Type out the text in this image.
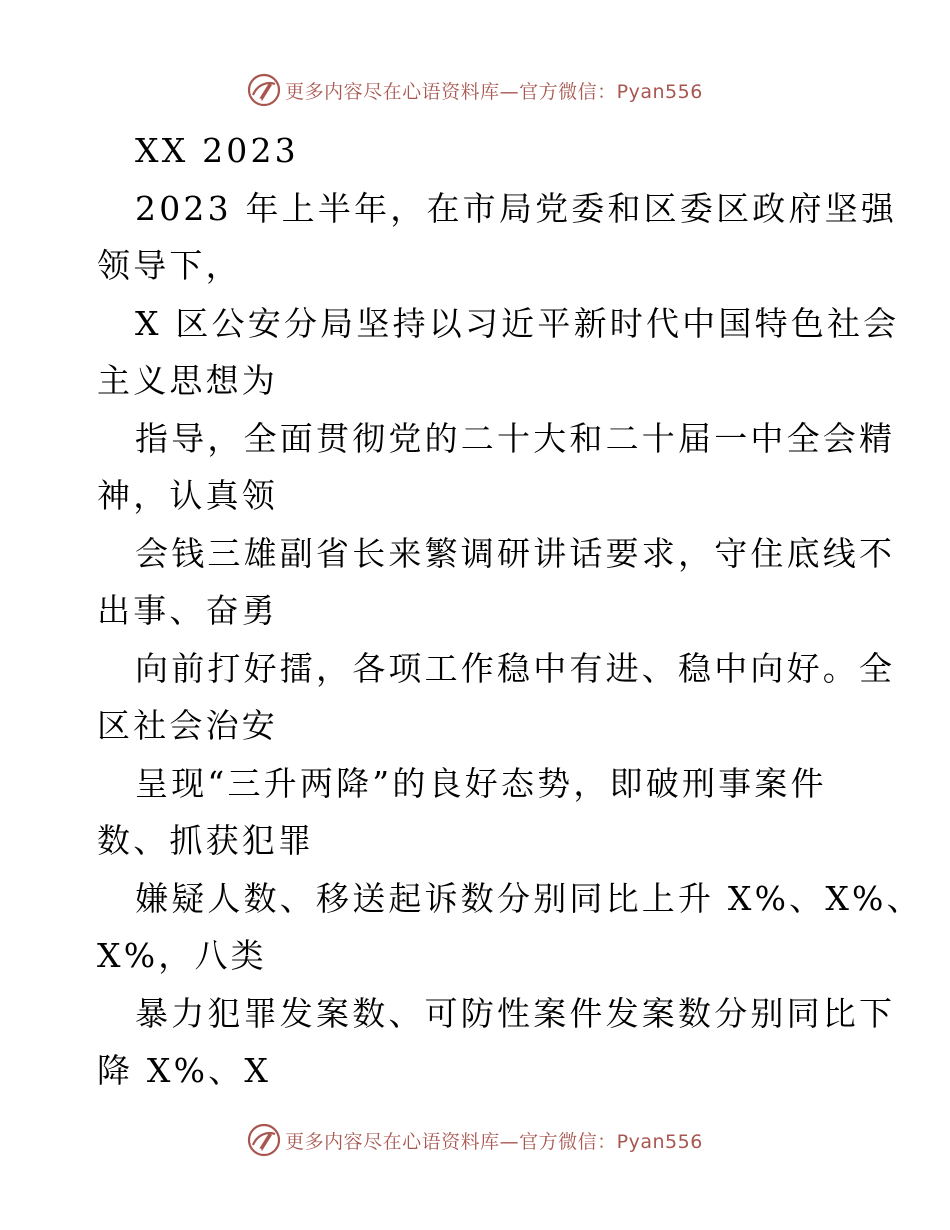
更多内容尽在心语资料库—官方微信：Pyan556
XX 2023
2023 年上半年，在市局党委和区委区政府坚强
领导下，
X 区公安分局坚持以习近平新时代中国特色社会
主义思想为
指导，全面贯彻党的二十大和二十届一中全会精
神，认真领
会钱三雄副省长来繁调研讲话要求，守住底线不
出事、奋勇
向前打好擂，各项工作稳中有进、稳中向好。全
区社会治安
呈现“三升两降”的良好态势，即破刑事案件
数、抓获犯罪
嫌疑人数、移送起诉数分别同比上升 X%、X%、
X%，八类
暴力犯罪发案数、可防性案件发案数分别同比下
降 X%、X
更多内容尽在心语资料库—官方微信：Pyan556
